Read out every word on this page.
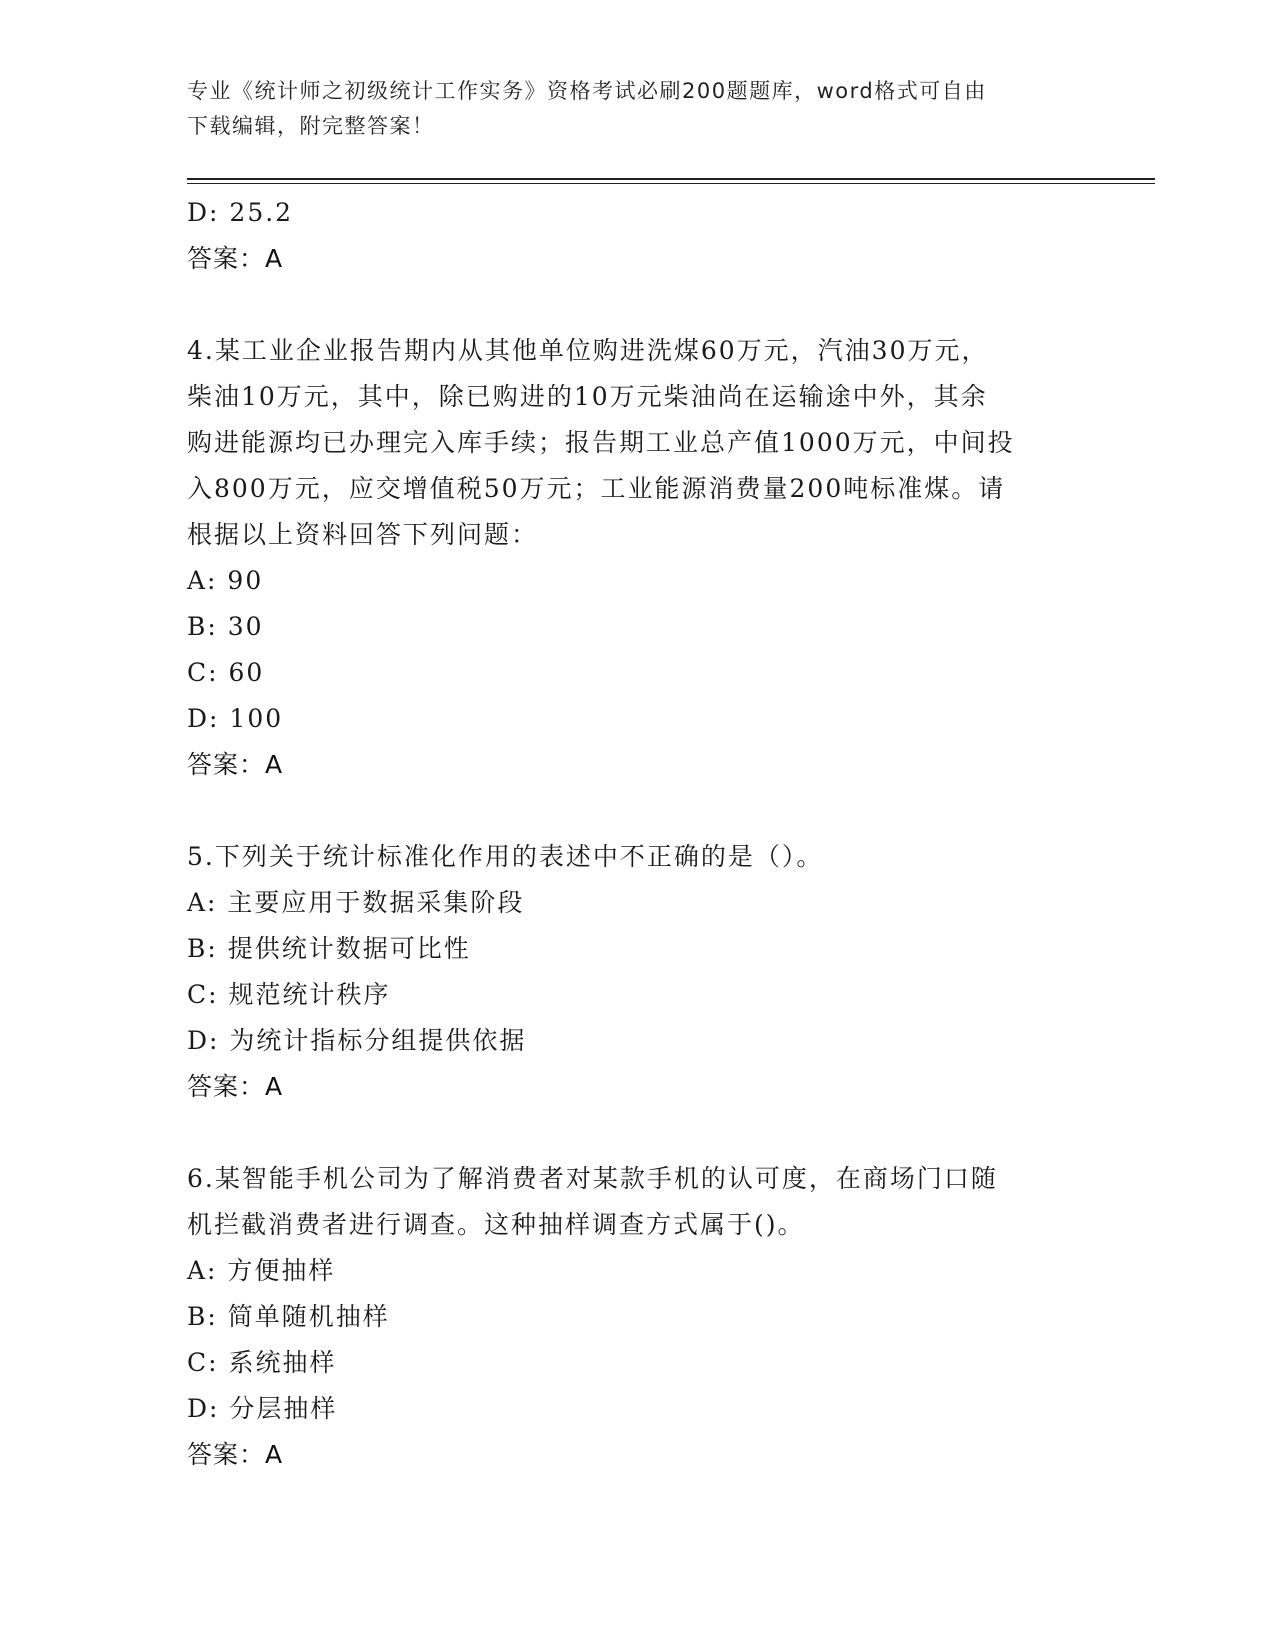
专业《统计师之初级统计工作实务》资格考试必刷200题题库，word格式可自由
下载编辑，附完整答案！
D: 25.2
答案：A
4.某工业企业报告期内从其他单位购进洗煤60万元，汽油30万元，
柴油10万元，其中，除已购进的10万元柴油尚在运输途中外，其余
购进能源均已办理完入库手续；报告期工业总产值1000万元，中间投
入800万元，应交增值税50万元；工业能源消费量200吨标准煤。请
根据以上资料回答下列问题：
A: 90
B: 30
C: 60
D: 100
答案：A
5.下列关于统计标准化作用的表述中不正确的是（）。
A: 主要应用于数据采集阶段
B: 提供统计数据可比性
C: 规范统计秩序
D: 为统计指标分组提供依据
答案：A
6.某智能手机公司为了解消费者对某款手机的认可度，在商场门口随
机拦截消费者进行调查。这种抽样调查方式属于()。
A: 方便抽样
B: 简单随机抽样
C: 系统抽样
D: 分层抽样
答案：A
